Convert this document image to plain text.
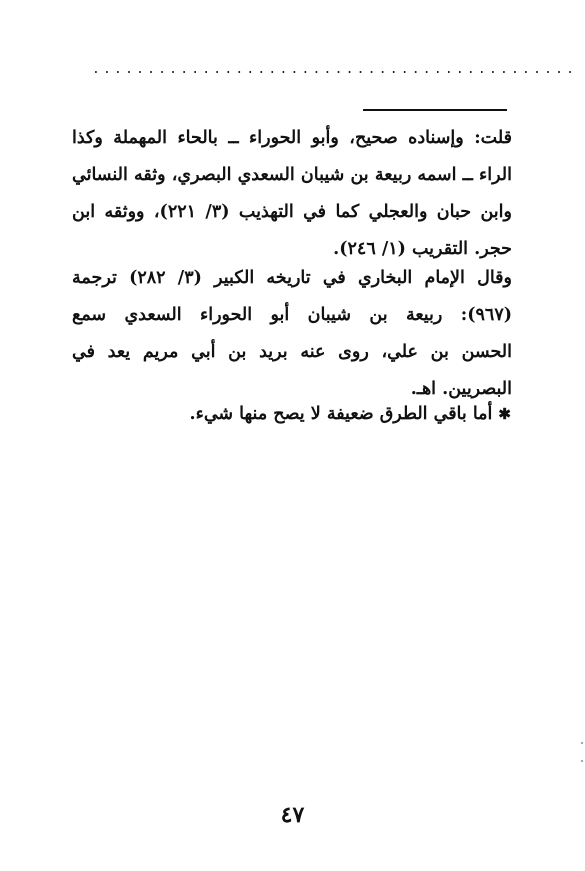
............................................
قلت: وإسناده صحيح، وأبو الحوراء ــ بالحاء المهملة وكذا
الراء ــ اسمه ربيعة بن شيبان السعدي البصري، وثقه النسائي
وابن حبان والعجلي كما في التهذيب (٣/ ٢٢١)، ووثقه ابن
حجر. التقريب (١/ ٢٤٦).
وقال الإمام البخاري في تاريخه الكبير (٣/ ٢٨٢) ترجمة
(٩٦٧): ربيعة بن شيبان أبو الحوراء السعدي سمع
الحسن بن علي، روى عنه بريد بن أبي مريم يعد في
البصريين. اهـ.
✱أما باقي الطرق ضعيفة لا يصح منها شيء.
٤٧
